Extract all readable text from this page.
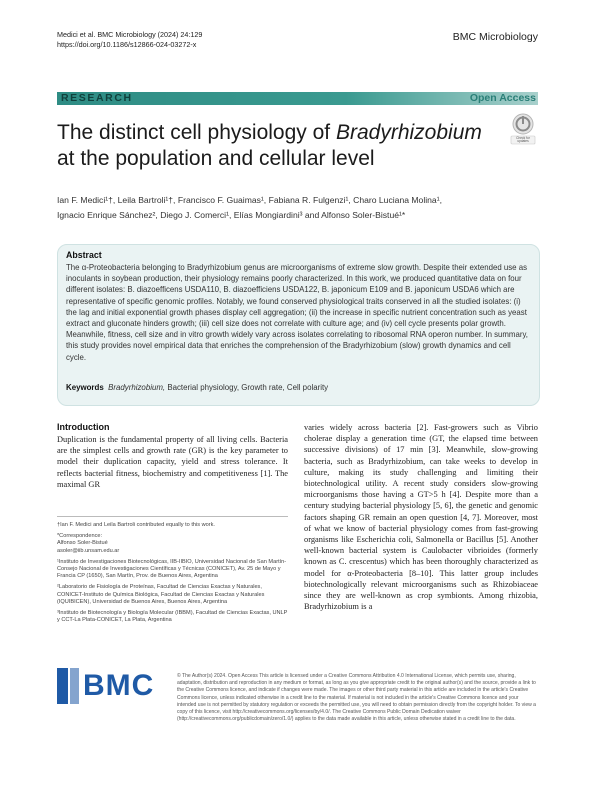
Medici et al. BMC Microbiology (2024) 24:129
https://doi.org/10.1186/s12866-024-03272-x
BMC Microbiology
RESEARCH	Open Access
The distinct cell physiology of Bradyrhizobium
at the population and cellular level
Check for updates
Ian F. Medici¹†, Leila Bartroli¹†, Francisco F. Guaimas¹, Fabiana R. Fulgenzi¹, Charo Luciana Molina¹,
Ignacio Enrique Sánchez², Diego J. Comerci¹, Elías Mongiardini³ and Alfonso Soler-Bistué¹*
Abstract
The α-Proteobacteria belonging to Bradyrhizobium genus are microorganisms of extreme slow growth. Despite their extended use as inoculants in soybean production, their physiology remains poorly characterized. In this work, we produced quantitative data on four different isolates: B. diazoefficens USDA110, B. diazoefficiens USDA122, B. japonicum E109 and B. japonicum USDA6 which are representative of specific genomic profiles. Notably, we found conserved physiological traits conserved in all the studied isolates: (i) the lag and initial exponential growth phases display cell aggregation; (ii) the increase in specific nutrient concentration such as yeast extract and gluconate hinders growth; (iii) cell size does not correlate with culture age; and (iv) cell cycle presents polar growth. Meanwhile, fitness, cell size and in vitro growth widely vary across isolates correlating to ribosomal RNA operon number. In summary, this study provides novel empirical data that enriches the comprehension of the Bradyrhizobium (slow) growth dynamics and cell cycle.
Keywords Bradyrhizobium, Bacterial physiology, Growth rate, Cell polarity
Introduction
Duplication is the fundamental property of all living cells. Bacteria are the simplest cells and growth rate (GR) is the key parameter to model their duplication capacity, yield and stress tolerance. It reflects bacterial fitness, biochemistry and competitiveness [1]. The maximal GR
varies widely across bacteria [2]. Fast-growers such as Vibrio cholerae display a generation time (GT, the elapsed time between successive divisions) of 17 min [3]. Meanwhile, slow-growing bacteria, such as Bradyrhizobium, can take weeks to develop in culture, making its study challenging and limiting their biotechnological utility. A recent study considers slow-growing microorganisms those having a GT>5 h [4]. Despite more than a century studying bacterial physiology [5, 6], the genetic and genomic factors shaping GR remain an open question [4, 7]. Moreover, most of what we know of bacterial physiology comes from fast-growing organisms like Escherichia coli, Salmonella or Bacillus [5]. Another well-known bacterial system is Caulobacter vibrioides (formerly known as C. crescentus) which has been thoroughly characterized as model for α-Proteobacteria [8–10]. This latter group includes biotechnologically relevant microorganisms such as Rhizobiaceae since they are well-known as crop symbionts. Among rhizobia, Bradyrhizobium is a
†Ian F. Medici and Leila Bartroli contributed equally to this work.
*Correspondence:
Alfonso Soler-Bistué
asoler@iib.unsam.edu.ar
¹Instituto de Investigaciones Biotecnológicas, IIB-IIBIO, Universidad Nacional de San Martín-Consejo Nacional de Investigaciones Científicas y Técnicas (CONICET), Av. 25 de Mayo y Francia CP (1650), San Martín, Prov. de Buenos Aires, Argentina
²Laboratorio de Fisiología de Proteínas, Facultad de Ciencias Exactas y Naturales, CONICET-Instituto de Química Biológica, Facultad de Ciencias Exactas y Naturales (IQUIBICEN), Universidad de Buenos Aires, Buenos Aires, Argentina
³Instituto de Biotecnología y Biología Molecular (IBBM), Facultad de Ciencias Exactas, UNLP y CCT-La Plata-CONICET, La Plata, Argentina
BMC	© The Author(s) 2024. Open Access This article is licensed under a Creative Commons Attribution 4.0 International License, which permits use, sharing, adaptation, distribution and reproduction in any medium or format, as long as you give appropriate credit to the original author(s) and the source, provide a link to the Creative Commons licence, and indicate if changes were made. The images or other third party material in this article are included in the article's Creative Commons licence, unless indicated otherwise in a credit line to the material. If material is not included in the article's Creative Commons licence and your intended use is not permitted by statutory regulation or exceeds the permitted use, you will need to obtain permission directly from the copyright holder. To view a copy of this licence, visit http://creativecommons.org/licenses/by/4.0/. The Creative Commons Public Domain Dedication waiver (http://creativecommons.org/publicdomain/zero/1.0/) applies to the data made available in this article, unless otherwise stated in a credit line to the data.
